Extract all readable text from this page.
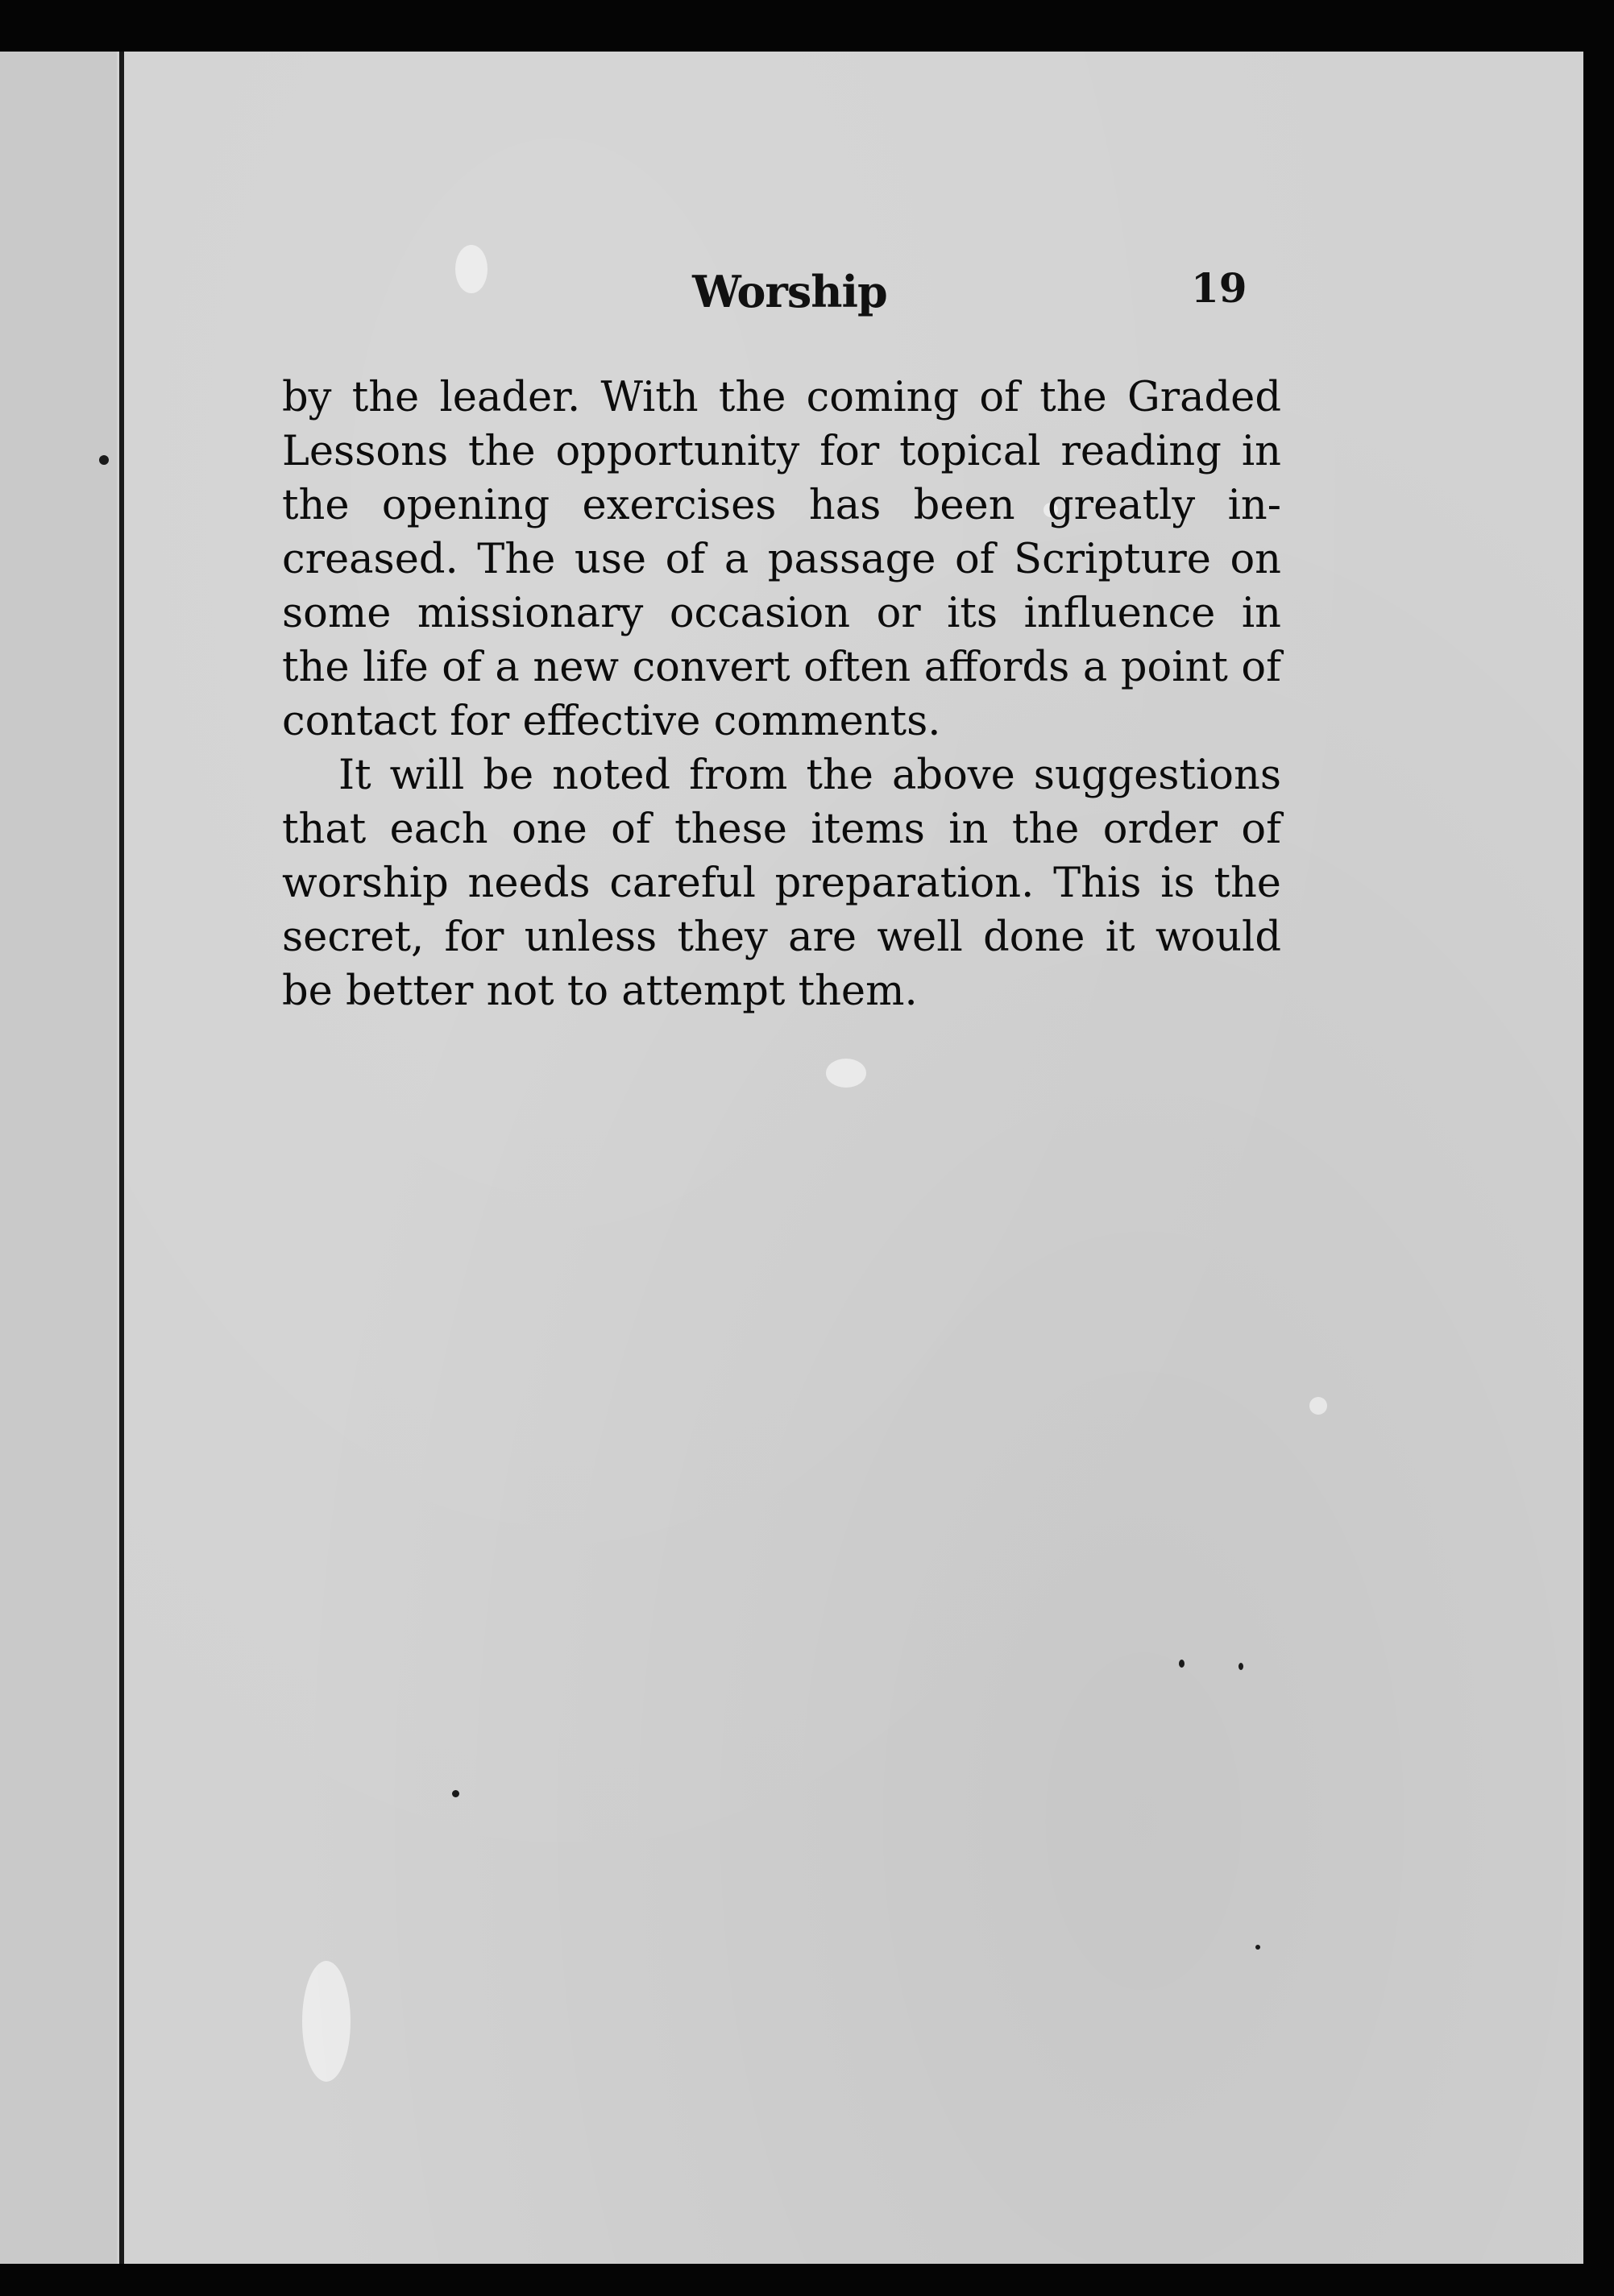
Worship	19

by the leader. With the coming of the Graded Lessons the opportunity for topical reading in the opening exercises has been greatly increased. The use of a passage of Scripture on some missionary occasion or its influence in the life of a new convert often affords a point of contact for effective comments.

It will be noted from the above suggestions that each one of these items in the order of worship needs careful preparation. This is the secret, for unless they are well done it would be better not to attempt them.
